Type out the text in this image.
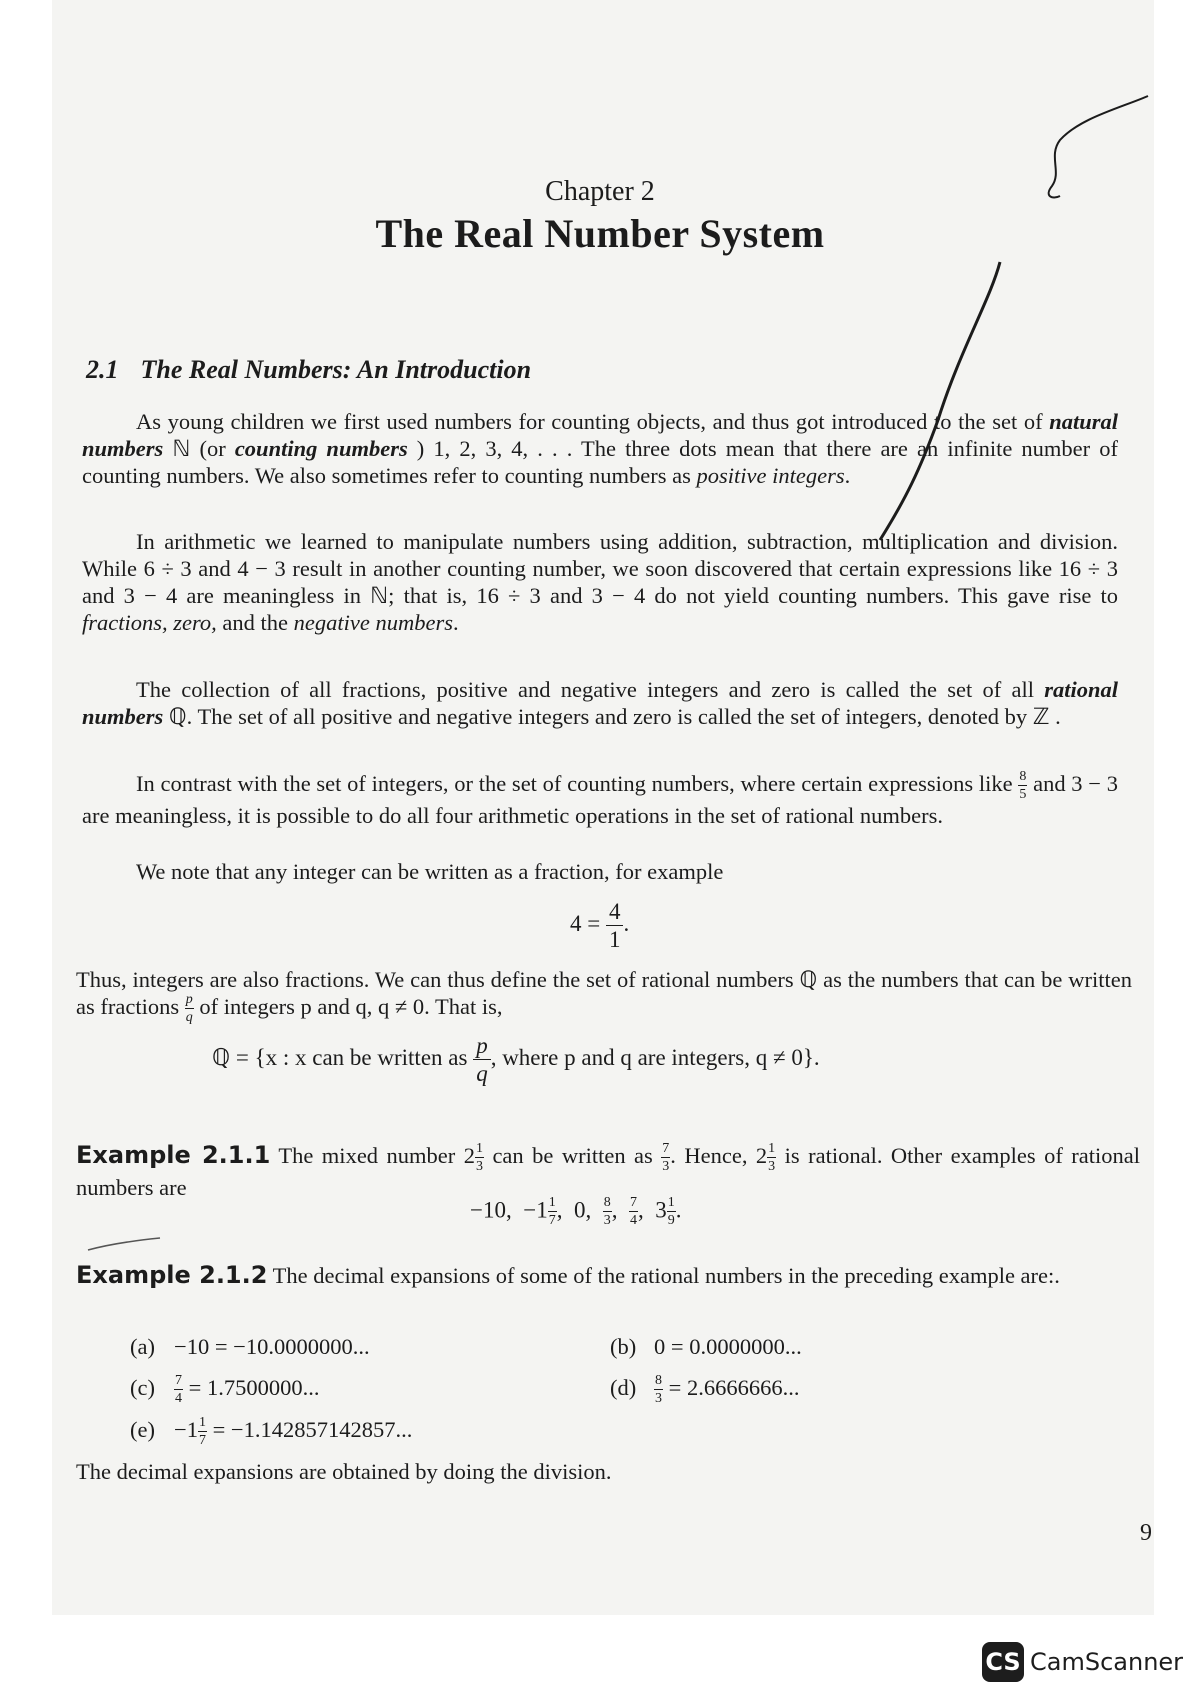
Chapter 2
The Real Number System
2.1 The Real Numbers: An Introduction
As young children we first used numbers for counting objects, and thus got introduced to the set of natural numbers ℕ (or counting numbers ) 1, 2, 3, 4, . . . The three dots mean that there are an infinite number of counting numbers. We also sometimes refer to counting numbers as positive integers.
In arithmetic we learned to manipulate numbers using addition, subtraction, multiplication and division. While 6 ÷ 3 and 4 − 3 result in another counting number, we soon discovered that certain expressions like 16 ÷ 3 and 3 − 4 are meaningless in ℕ; that is, 16 ÷ 3 and 3 − 4 do not yield counting numbers. This gave rise to fractions, zero, and the negative numbers.
The collection of all fractions, positive and negative integers and zero is called the set of all rational numbers ℚ. The set of all positive and negative integers and zero is called the set of integers, denoted by ℤ .
In contrast with the set of integers, or the set of counting numbers, where certain expressions like $\frac{8}{5}$ and 3 − 3 are meaningless, it is possible to do all four arithmetic operations in the set of rational numbers.
We note that any integer can be written as a fraction, for example
$4 = \frac{4}{1}$ .
Thus, integers are also fractions. We can thus define the set of rational numbers ℚ as the numbers that can be written as fractions $\frac{p}{q}$ of integers p and q, q ≠ 0. That is,
ℚ = {x : x can be written as $\frac{p}{q}$ , where p and q are integers, q ≠ 0}.
Example 2.1.1 The mixed number $2 \frac{1}{3}$ can be written as $\frac{7}{3}$ . Hence, $2 \frac{1}{3}$ is rational. Other examples of rational numbers are
−10, $-1 \frac{1}{7}$ , 0, $\frac{8}{3}$ , $\frac{7}{4}$ , $3 \frac{1}{9}$ .
Example 2.1.2 The decimal expansions of some of the rational numbers in the preceding example are:.
(a) −10 = −10.0000000...	(b) 0 = 0.0000000...
$(c) \frac{7}{4} = 1.7500000$...	$(d) \frac{8}{3} = 2.6666666$...
$(e) -1 \frac{1}{7} = -1.142857142857$...
The decimal expansions are obtained by doing the division.
9
CS CamScanner
